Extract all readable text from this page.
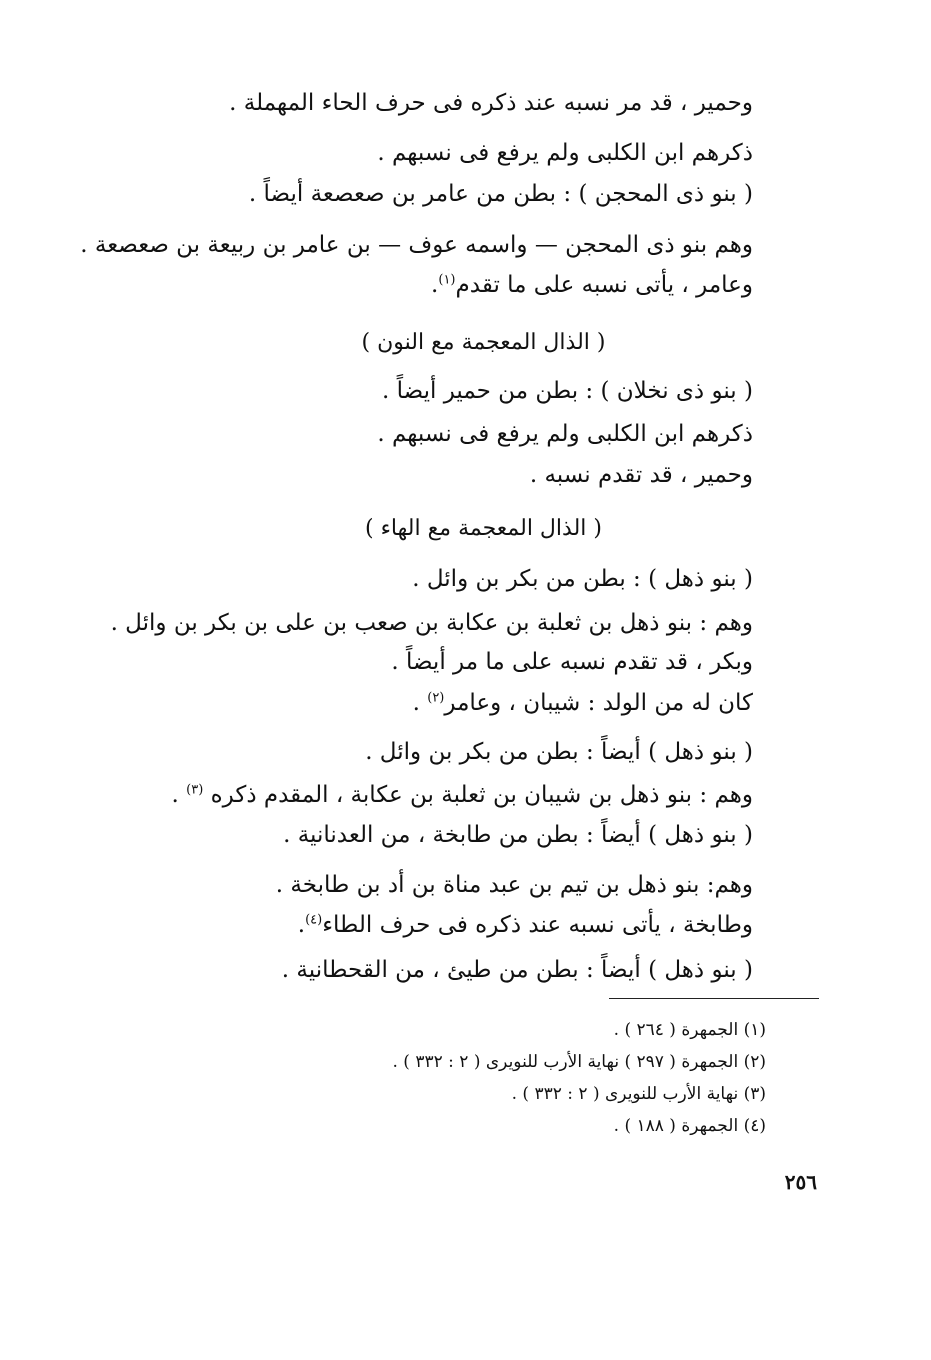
وحمير ، قد مر نسبه عند ذكره فى حرف الحاء المهملة .
ذكرهم ابن الكلبى ولم يرفع فى نسبهم .
( بنو ذى المحجن ) : بطن من عامر بن صعصعة أيضاً .
وهم بنو ذى المحجن — واسمه عوف — بن عامر بن ربيعة بن صعصعة .
وعامر ، يأتى نسبه على ما تقدم$^{(١)}$.
( الذال المعجمة مع النون )
( بنو ذى نخلان ) : بطن من حمير أيضاً .
ذكرهم ابن الكلبى ولم يرفع فى نسبهم .
وحمير ، قد تقدم نسبه .
( الذال المعجمة مع الهاء )
( بنو ذهل ) : بطن من بكر بن وائل .
وهم : بنو ذهل بن ثعلبة بن عكابة بن صعب بن على بن بكر بن وائل .
وبكر ، قد تقدم نسبه على ما مر أيضاً .
كان له من الولد : شيبان ، وعامر$^{(٢)}$ .
( بنو ذهل ) أيضاً : بطن من بكر بن وائل .
وهم : بنو ذهل بن شيبان بن ثعلبة بن عكابة ، المقدم ذكره $^{(٣)}$ .
( بنو ذهل ) أيضاً : بطن من طابخة ، من العدنانية .
وهم: بنو ذهل بن تيم بن عبد مناة بن أد بن طابخة .
وطابخة ، يأتى نسبه عند ذكره فى حرف الطاء$^{(٤)}$.
( بنو ذهل ) أيضاً : بطن من طيئ ، من القحطانية .
(١) الجمهرة ( ٢٦٤ ) .
(٢) الجمهرة ( ٢٩٧ ) نهاية الأرب للنويرى ( ٢ : ٣٣٢ ) .
(٣) نهاية الأرب للنويرى ( ٢ : ٣٣٢ ) .
(٤) الجمهرة ( ١٨٨ ) .
٢٥٦
